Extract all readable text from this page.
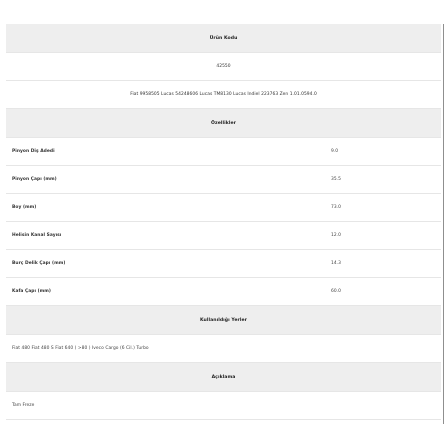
Ürün Kodu
42550
Fiat 9958505 Lucas 54248606 Lucas TM8130 Lucas Indiel 223763 Zen 1.01.0594.0
Özellikler
Pinyon Diş Adedi	9.0
Pinyon Çapı (mm)	35.5
Boy (mm)	73.0
Helisin Kanal Sayısı	12.0
Burç Delik Çapı (mm)	14.3
Kafa Çapı (mm)	60.0
Kullanıldığı Yerler
Fiat 480 Fiat 480 S Fiat 640 ( >80 ) Iveco Cargo (6 Cil.) Turbo
Açıklama
Tam Freze
